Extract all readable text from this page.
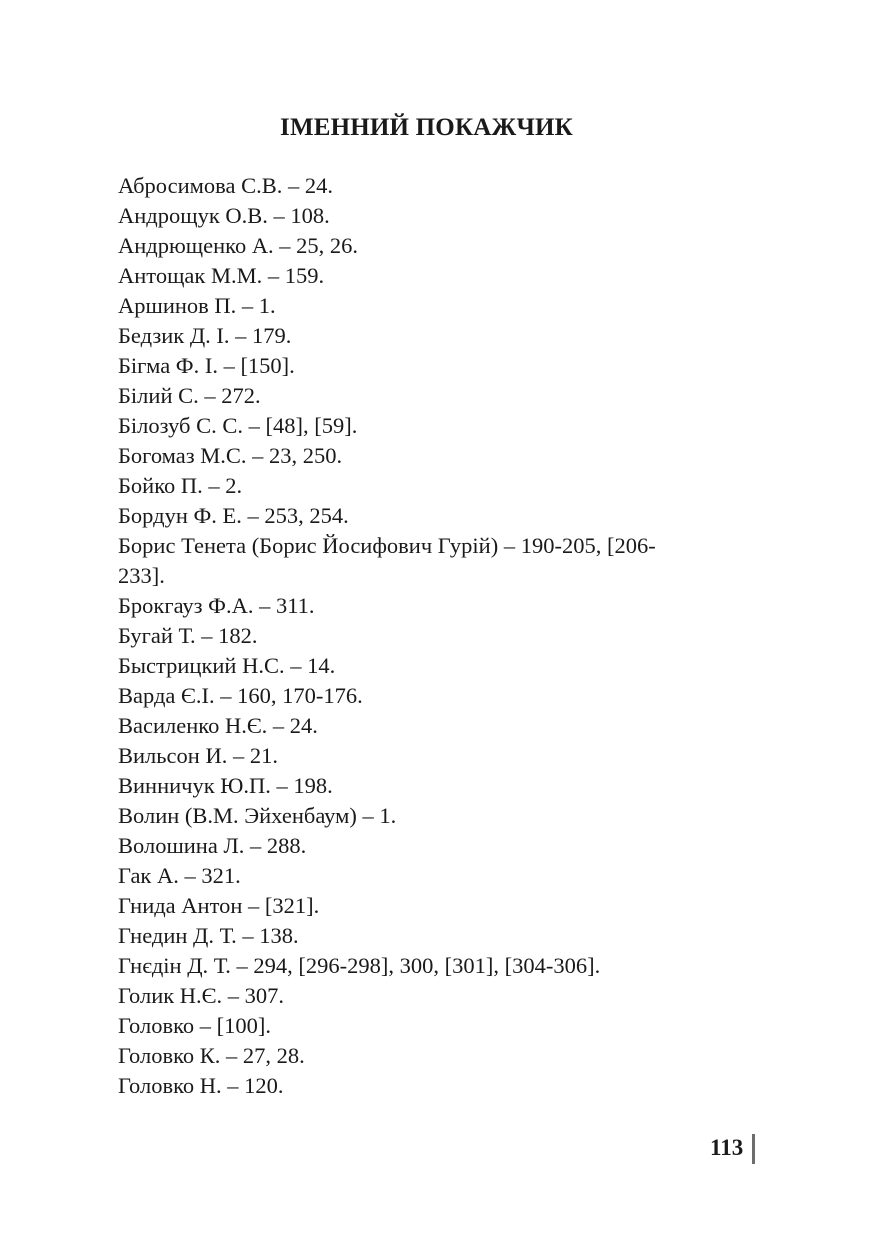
ІМЕННИЙ ПОКАЖЧИК
Абросимова С.В. – 24.
Андрощук О.В. – 108.
Андрющенко А. – 25, 26.
Антощак М.М. – 159.
Аршинов П. – 1.
Бедзик Д. І. – 179.
Бігма Ф. І. – [150].
Білий С. – 272.
Білозуб С. С. – [48], [59].
Богомаз М.С. – 23, 250.
Бойко П. – 2.
Бордун Ф. Е. – 253, 254.
Борис Тенета (Борис Йосифович Гурій) – 190-205, [206-
233].
Брокгауз Ф.А. – 311.
Бугай Т. – 182.
Быстрицкий Н.С. – 14.
Варда Є.І. – 160, 170-176.
Василенко Н.Є. – 24.
Вильсон И. – 21.
Винничук Ю.П. – 198.
Волин (В.М. Эйхенбаум) – 1.
Волошина Л. – 288.
Гак А. – 321.
Гнида Антон – [321].
Гнедин Д. Т. – 138.
Гнєдін Д. Т. – 294, [296-298], 300, [301], [304-306].
Голик Н.Є. – 307.
Головко – [100].
Головко К. – 27, 28.
Головко Н. – 120.
113
